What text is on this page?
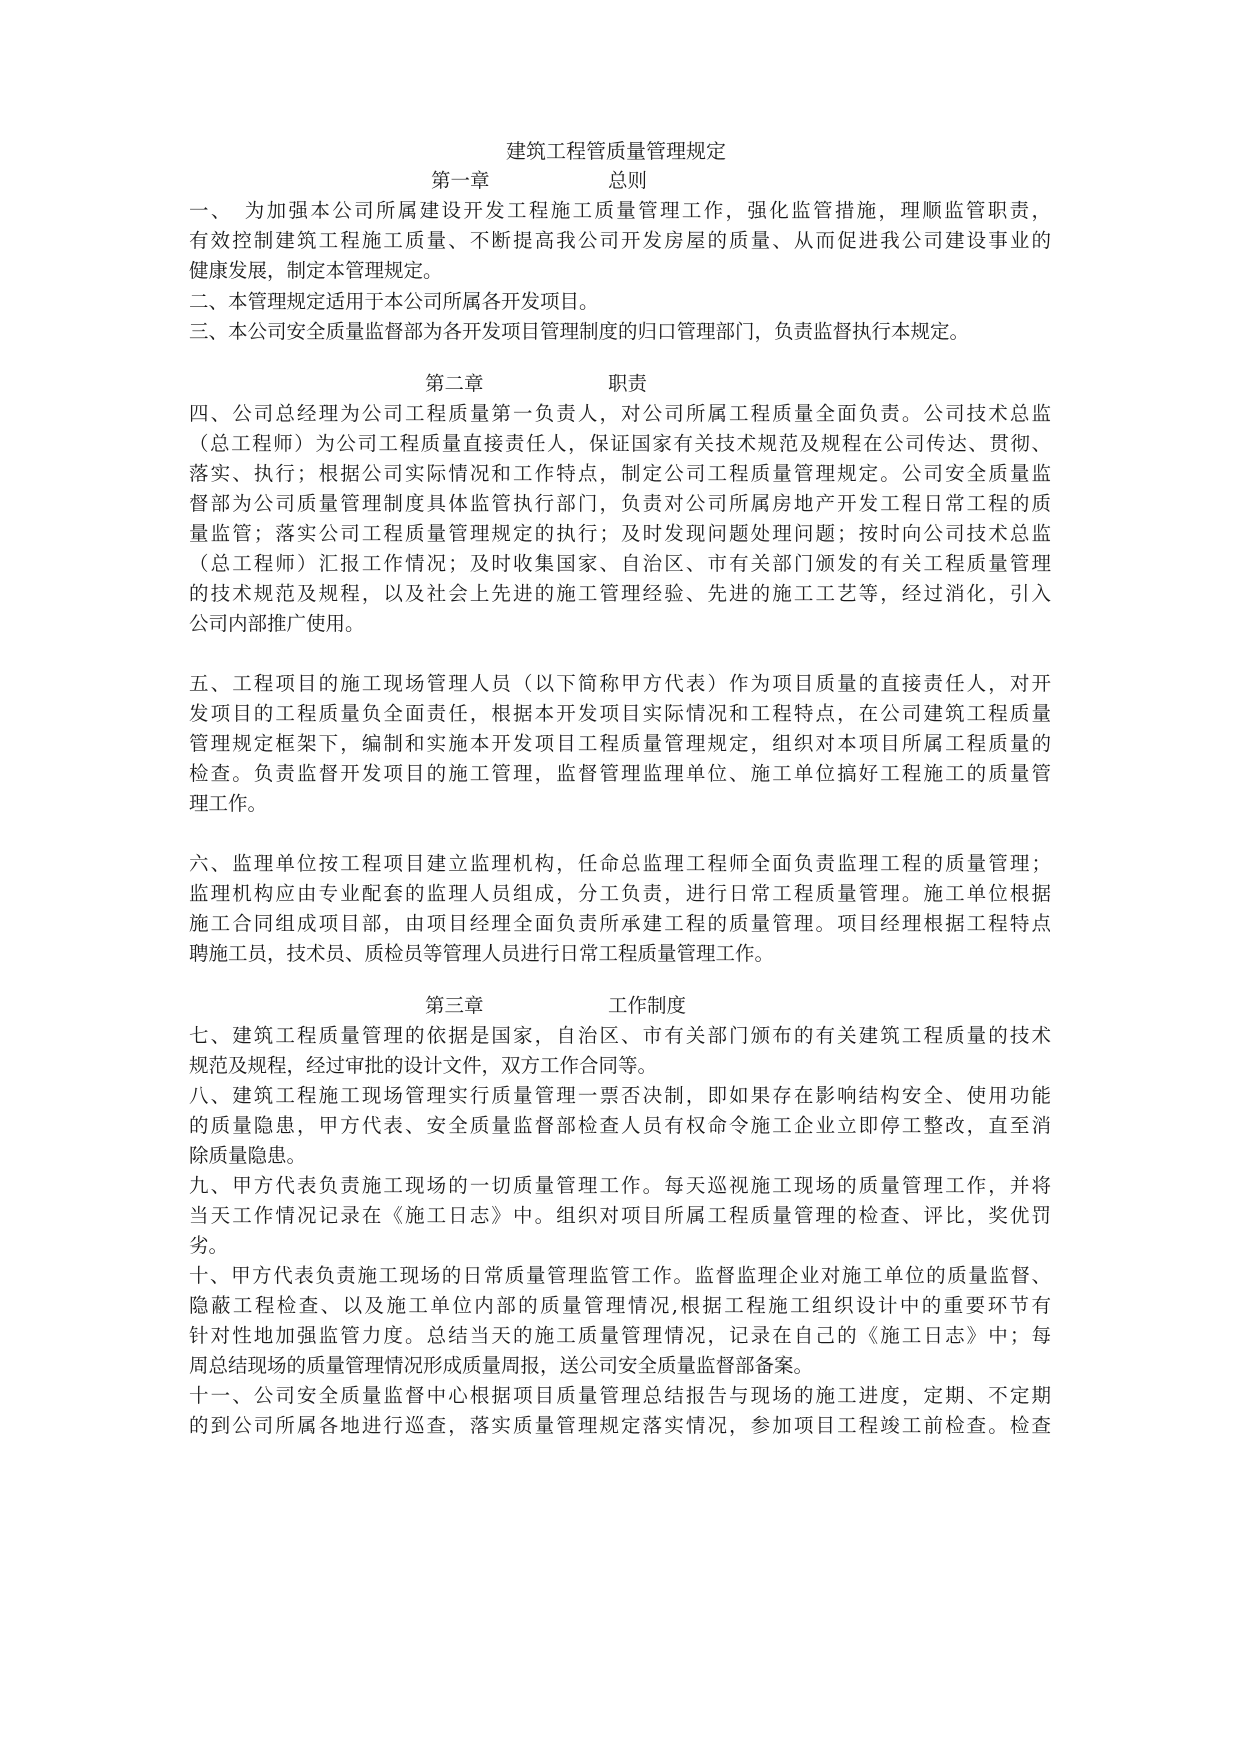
建筑工程管质量管理规定
第一章	总则
一、　为加强本公司所属建设开发工程施工质量管理工作，强化监管措施，理顺监管职责，
有效控制建筑工程施工质量、不断提高我公司开发房屋的质量、从而促进我公司建设事业的
健康发展，制定本管理规定。
二、本管理规定适用于本公司所属各开发项目。
三、本公司安全质量监督部为各开发项目管理制度的归口管理部门，负责监督执行本规定。
第二章	职责
四、公司总经理为公司工程质量第一负责人，对公司所属工程质量全面负责。公司技术总监
（总工程师）为公司工程质量直接责任人，保证国家有关技术规范及规程在公司传达、贯彻、
落实、执行；根据公司实际情况和工作特点，制定公司工程质量管理规定。公司安全质量监
督部为公司质量管理制度具体监管执行部门，负责对公司所属房地产开发工程日常工程的质
量监管；落实公司工程质量管理规定的执行；及时发现问题处理问题；按时向公司技术总监
（总工程师）汇报工作情况；及时收集国家、自治区、市有关部门颁发的有关工程质量管理
的技术规范及规程，以及社会上先进的施工管理经验、先进的施工工艺等，经过消化，引入
公司内部推广使用。
五、工程项目的施工现场管理人员（以下简称甲方代表）作为项目质量的直接责任人，对开
发项目的工程质量负全面责任，根据本开发项目实际情况和工程特点，在公司建筑工程质量
管理规定框架下，编制和实施本开发项目工程质量管理规定，组织对本项目所属工程质量的
检查。负责监督开发项目的施工管理，监督管理监理单位、施工单位搞好工程施工的质量管
理工作。
六、监理单位按工程项目建立监理机构，任命总监理工程师全面负责监理工程的质量管理；
监理机构应由专业配套的监理人员组成，分工负责，进行日常工程质量管理。施工单位根据
施工合同组成项目部，由项目经理全面负责所承建工程的质量管理。项目经理根据工程特点
聘施工员，技术员、质检员等管理人员进行日常工程质量管理工作。
第三章	工作制度
七、建筑工程质量管理的依据是国家，自治区、市有关部门颁布的有关建筑工程质量的技术
规范及规程，经过审批的设计文件，双方工作合同等。
八、建筑工程施工现场管理实行质量管理一票否决制，即如果存在影响结构安全、使用功能
的质量隐患，甲方代表、安全质量监督部检查人员有权命令施工企业立即停工整改，直至消
除质量隐患。
九、甲方代表负责施工现场的一切质量管理工作。每天巡视施工现场的质量管理工作，并将
当天工作情况记录在《施工日志》中。组织对项目所属工程质量管理的检查、评比，奖优罚
劣。
十、甲方代表负责施工现场的日常质量管理监管工作。监督监理企业对施工单位的质量监督、
隐蔽工程检查、以及施工单位内部的质量管理情况,根据工程施工组织设计中的重要环节有
针对性地加强监管力度。总结当天的施工质量管理情况，记录在自己的《施工日志》中；每
周总结现场的质量管理情况形成质量周报，送公司安全质量监督部备案。
十一、公司安全质量监督中心根据项目质量管理总结报告与现场的施工进度，定期、不定期
的到公司所属各地进行巡查，落实质量管理规定落实情况，参加项目工程竣工前检查。检查
